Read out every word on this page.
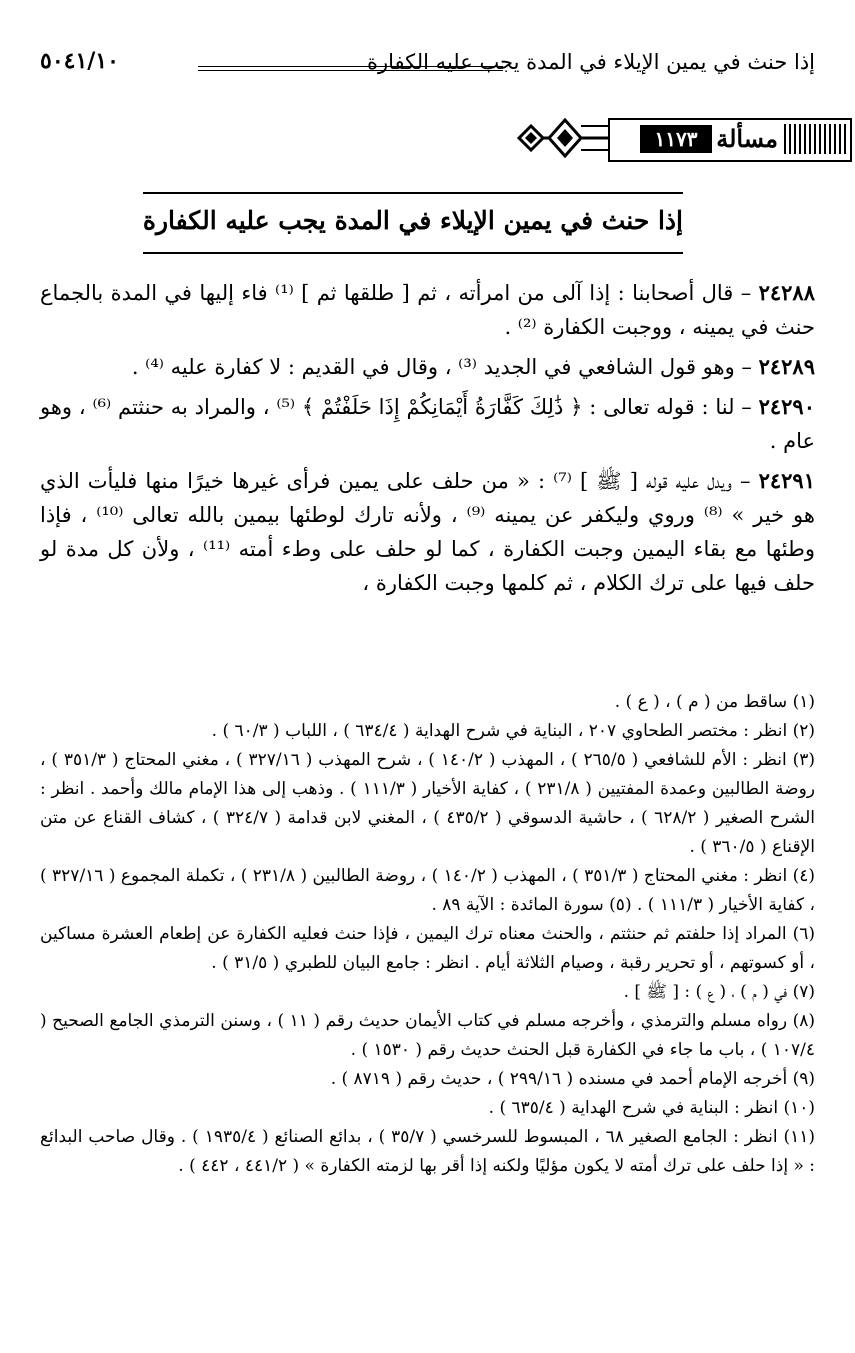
إذا حنث في يمين الإيلاء في المدة يجب عليه الكفارة
٥٠٤١/١٠
مسألة
١١٧٣
إذا حنث في يمين الإيلاء في المدة يجب عليه الكفارة

٢٤٢٨٨ – قال أصحابنا : إذا آلى من امرأته ، ثم [ طلقها ثم ] ⁽¹⁾ فاء إليها في المدة بالجماع حنث في يمينه ، ووجبت الكفارة ⁽²⁾ .

٢٤٢٨٩ – وهو قول الشافعي في الجديد ⁽³⁾ ، وقال في القديم : لا كفارة عليه ⁽⁴⁾ .

٢٤٢٩٠ – لنا : قوله تعالى : ﴿ ذَٰلِكَ كَفَّارَةُ أَيْمَانِكُمْ إِذَا حَلَفْتُمْ ﴾ ⁽⁵⁾ ، والمراد به حنثتم ⁽⁶⁾ ، وهو عام .

٢٤٢٩١ – ويدل عليه قوله [ ﷺ ] ⁽⁷⁾ : « من حلف على يمين فرأى غيرها خيرًا منها فليأت الذي هو خير » ⁽⁸⁾ وروي وليكفر عن يمينه ⁽⁹⁾ ، ولأنه تارك لوطئها بيمين بالله تعالى ⁽¹⁰⁾ ، فإذا وطئها مع بقاء اليمين وجبت الكفارة ، كما لو حلف على وطء أمته ⁽¹¹⁾ ، ولأن كل مدة لو حلف فيها على ترك الكلام ، ثم كلمها وجبت الكفارة ،

(١) ساقط من ( م ) ، ( ع ) .

(٢) انظر : مختصر الطحاوي ٢٠٧ ، البناية في شرح الهداية ( ٦٣٤/٤ ) ، اللباب ( ٦٠/٣ ) .

(٣) انظر : الأم للشافعي ( ٢٦٥/٥ ) ، المهذب ( ١٤٠/٢ ) ، شرح المهذب ( ٣٢٧/١٦ ) ، مغني المحتاج ( ٣٥١/٣ ) ، روضة الطالبين وعمدة المفتيين ( ٢٣١/٨ ) ، كفاية الأخيار ( ١١١/٣ ) . وذهب إلى هذا الإمام مالك وأحمد . انظر : الشرح الصغير ( ٦٢٨/٢ ) ، حاشية الدسوقي ( ٤٣٥/٢ ) ، المغني لابن قدامة ( ٣٢٤/٧ ) ، كشاف القناع عن متن الإقناع ( ٣٦٠/٥ ) .

(٤) انظر : مغني المحتاج ( ٣٥١/٣ ) ، المهذب ( ١٤٠/٢ ) ، روضة الطالبين ( ٢٣١/٨ ) ، تكملة المجموع ( ٣٢٧/١٦ ) ، كفاية الأخيار ( ١١١/٣ ) . (٥) سورة المائدة : الآية ٨٩ .

(٦) المراد إذا حلفتم ثم حنثتم ، والحنث معناه ترك اليمين ، فإذا حنث فعليه الكفارة عن إطعام العشرة مساكين ، أو كسوتهم ، أو تحرير رقبة ، وصيام الثلاثة أيام . انظر : جامع البيان للطبري ( ٣١/٥ ) .

(٧) في ( م ) ، ( ع ) : [ ﷺ ] .

(٨) رواه مسلم والترمذي ، وأخرجه مسلم في كتاب الأيمان حديث رقم ( ١١ ) ، وسنن الترمذي الجامع الصحيح ( ١٠٧/٤ ) ، باب ما جاء في الكفارة قبل الحنث حديث رقم ( ١٥٣٠ ) .

(٩) أخرجه الإمام أحمد في مسنده ( ٢٩٩/١٦ ) ، حديث رقم ( ٨٧١٩ ) .

(١٠) انظر : البناية في شرح الهداية ( ٦٣٥/٤ ) .

(١١) انظر : الجامع الصغير ٦٨ ، المبسوط للسرخسي ( ٣٥/٧ ) ، بدائع الصنائع ( ١٩٣٥/٤ ) . وقال صاحب البدائع : « إذا حلف على ترك أمته لا يكون مؤليًا ولكنه إذا أقر بها لزمته الكفارة » ( ٤٤١/٢ ، ٤٤٢ ) .
